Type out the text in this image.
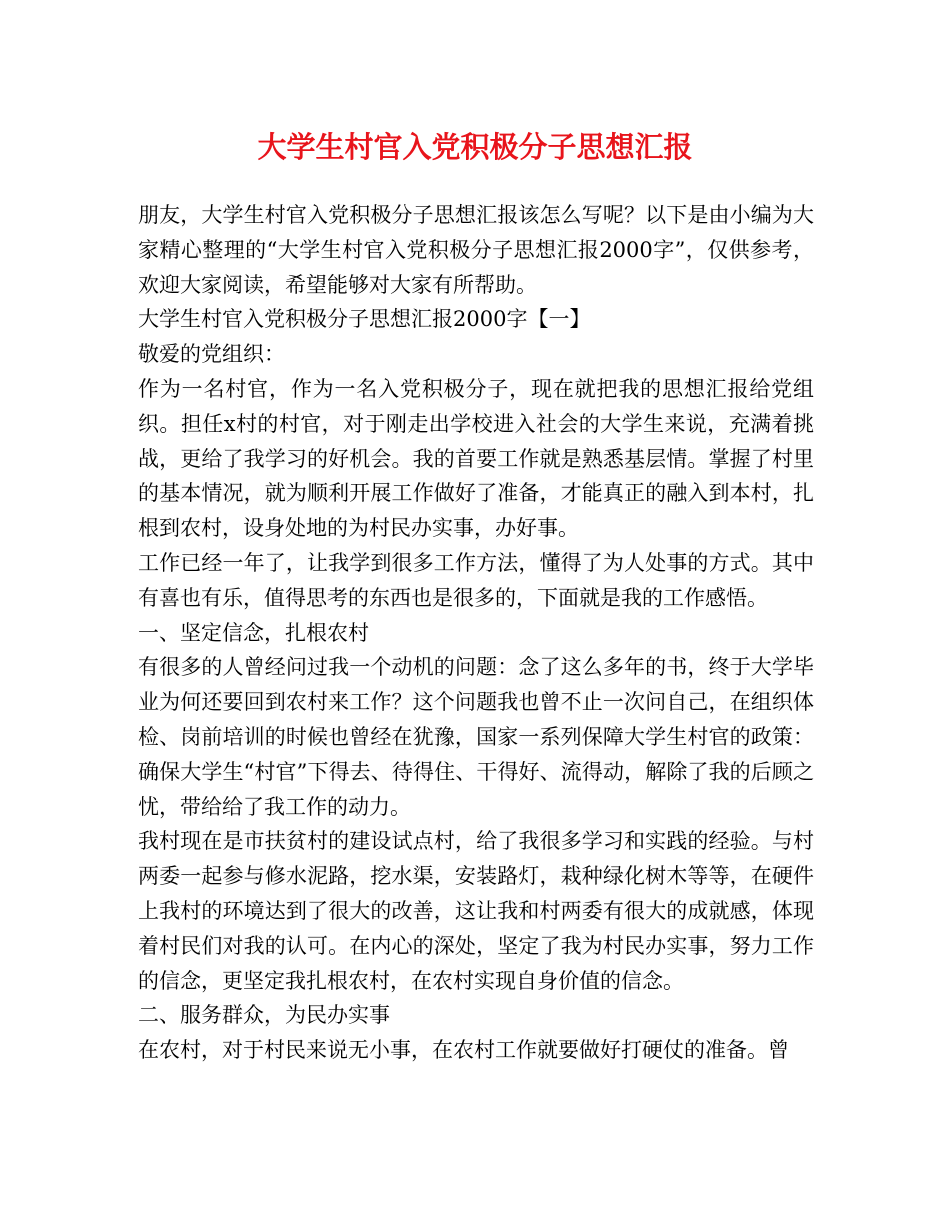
大学生村官入党积极分子思想汇报

朋友，大学生村官入党积极分子思想汇报该怎么写呢？以下是由小编为大家精心整理的“大学生村官入党积极分子思想汇报2000字”，仅供参考，欢迎大家阅读，希望能够对大家有所帮助。

大学生村官入党积极分子思想汇报2000字【一】

敬爱的党组织：

作为一名村官，作为一名入党积极分子，现在就把我的思想汇报给党组织。担任x村的村官，对于刚走出学校进入社会的大学生来说，充满着挑战，更给了我学习的好机会。我的首要工作就是熟悉基层情。掌握了村里的基本情况，就为顺利开展工作做好了准备，才能真正的融入到本村，扎根到农村，设身处地的为村民办实事，办好事。

工作已经一年了，让我学到很多工作方法，懂得了为人处事的方式。其中有喜也有乐，值得思考的东西也是很多的，下面就是我的工作感悟。

一、坚定信念，扎根农村

有很多的人曾经问过我一个动机的问题：念了这么多年的书，终于大学毕业为何还要回到农村来工作？这个问题我也曾不止一次问自己，在组织体检、岗前培训的时候也曾经在犹豫，国家一系列保障大学生村官的政策：确保大学生“村官”下得去、待得住、干得好、流得动，解除了我的后顾之忧，带给给了我工作的动力。

我村现在是市扶贫村的建设试点村，给了我很多学习和实践的经验。与村两委一起参与修水泥路，挖水渠，安装路灯，栽种绿化树木等等，在硬件上我村的环境达到了很大的改善，这让我和村两委有很大的成就感，体现着村民们对我的认可。在内心的深处，坚定了我为村民办实事，努力工作的信念，更坚定我扎根农村，在农村实现自身价值的信念。

二、服务群众，为民办实事

在农村，对于村民来说无小事，在农村工作就要做好打硬仗的准备。曾
